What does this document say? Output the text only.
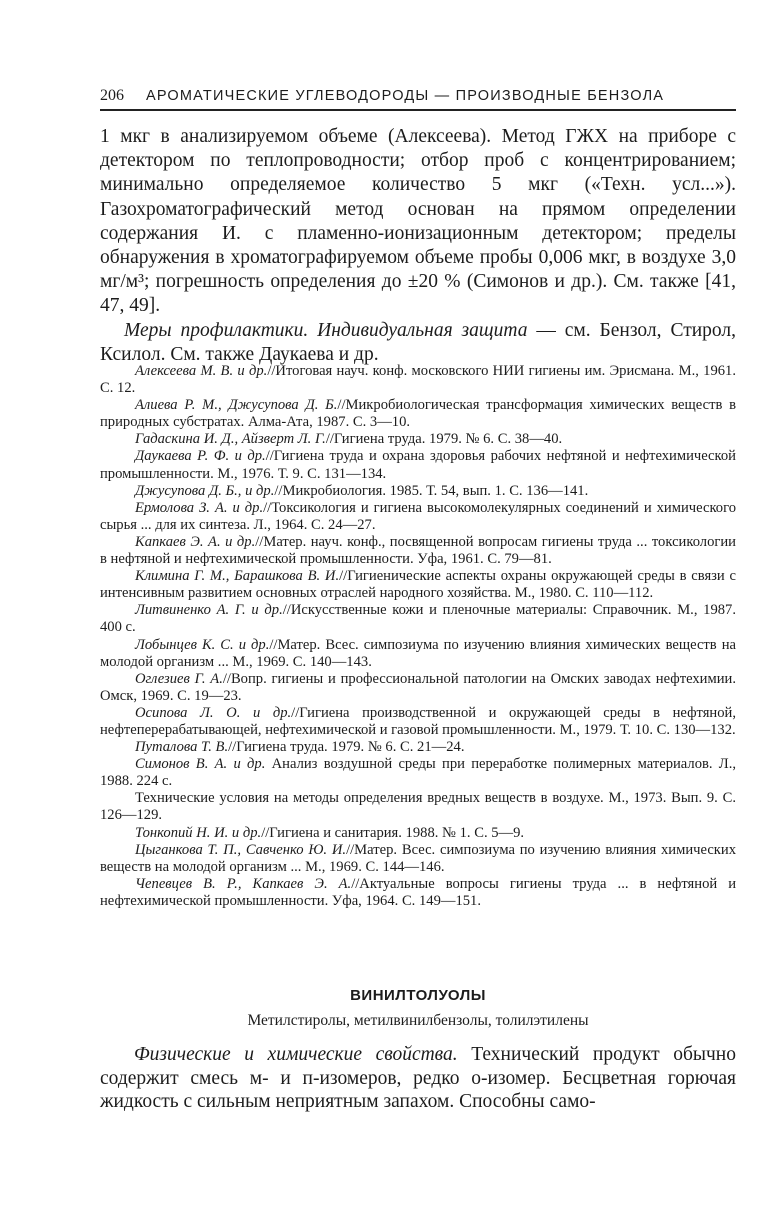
206 АРОМАТИЧЕСКИЕ УГЛЕВОДОРОДЫ — ПРОИЗВОДНЫЕ БЕНЗОЛА

1 мкг в анализируемом объеме (Алексеева). Метод ГЖХ на приборе с детектором по теплопроводности; отбор проб с концентрированием; минимально определяемое количество 5 мкг («Техн. усл...»). Газохроматографический метод основан на прямом определении содержания И. с пламенно-ионизационным детектором; пределы обнаружения в хроматографируемом объеме пробы 0,006 мкг, в воздухе 3,0 мг/м³; погрешность определения до ±20 % (Симонов и др.). См. также [41, 47, 49].

Меры профилактики. Индивидуальная защита — см. Бензол, Стирол, Ксилол. См. также Даукаева и др.

Алексеева М. В. и др.//Итоговая науч. конф. московского НИИ гигиены им. Эрисмана. М., 1961. С. 12.

Алиева Р. М., Джусупова Д. Б.//Микробиологическая трансформация химических веществ в природных субстратах. Алма-Ата, 1987. С. 3—10.

Гадаскина И. Д., Айзверт Л. Г.//Гигиена труда. 1979. № 6. С. 38—40.

Даукаева Р. Ф. и др.//Гигиена труда и охрана здоровья рабочих нефтяной и нефтехимической промышленности. М., 1976. Т. 9. С. 131—134.

Джусупова Д. Б., и др.//Микробиология. 1985. Т. 54, вып. 1. С. 136—141.

Ермолова З. А. и др.//Токсикология и гигиена высокомолекулярных соединений и химического сырья ... для их синтеза. Л., 1964. С. 24—27.

Капкаев Э. А. и др.//Матер. науч. конф., посвященной вопросам гигиены труда ... токсикологии в нефтяной и нефтехимической промышленности. Уфа, 1961. С. 79—81.

Климина Г. М., Барашкова В. И.//Гигиенические аспекты охраны окружающей среды в связи с интенсивным развитием основных отраслей народного хозяйства. М., 1980. С. 110—112.

Литвиненко А. Г. и др.//Искусственные кожи и пленочные материалы: Справочник. М., 1987. 400 с.

Лобынцев К. С. и др.//Матер. Всес. симпозиума по изучению влияния химических веществ на молодой организм ... М., 1969. С. 140—143.

Оглезиев Г. А.//Вопр. гигиены и профессиональной патологии на Омских заводах нефтехимии. Омск, 1969. С. 19—23.

Осипова Л. О. и др.//Гигиена производственной и окружающей среды в нефтяной, нефтеперерабатывающей, нефтехимической и газовой промышленности. М., 1979. Т. 10. С. 130—132.

Путалова Т. В.//Гигиена труда. 1979. № 6. С. 21—24.

Симонов В. А. и др. Анализ воздушной среды при переработке полимерных материалов. Л., 1988. 224 с.

Технические условия на методы определения вредных веществ в воздухе. М., 1973. Вып. 9. С. 126—129.

Тонкопий Н. И. и др.//Гигиена и санитария. 1988. № 1. С. 5—9.

Цыганкова Т. П., Савченко Ю. И.//Матер. Всес. симпозиума по изучению влияния химических веществ на молодой организм ... М., 1969. С. 144—146.

Чепевцев В. Р., Капкаев Э. А.//Актуальные вопросы гигиены труда ... в нефтяной и нефтехимической промышленности. Уфа, 1964. С. 149—151.

ВИНИЛТОЛУОЛЫ
Метилстиролы, метилвинилбензолы, толилэтилены

Физические и химические свойства. Технический продукт обычно содержит смесь м- и п-изомеров, редко о-изомер. Бесцветная горючая жидкость с сильным неприятным запахом. Способны само-
